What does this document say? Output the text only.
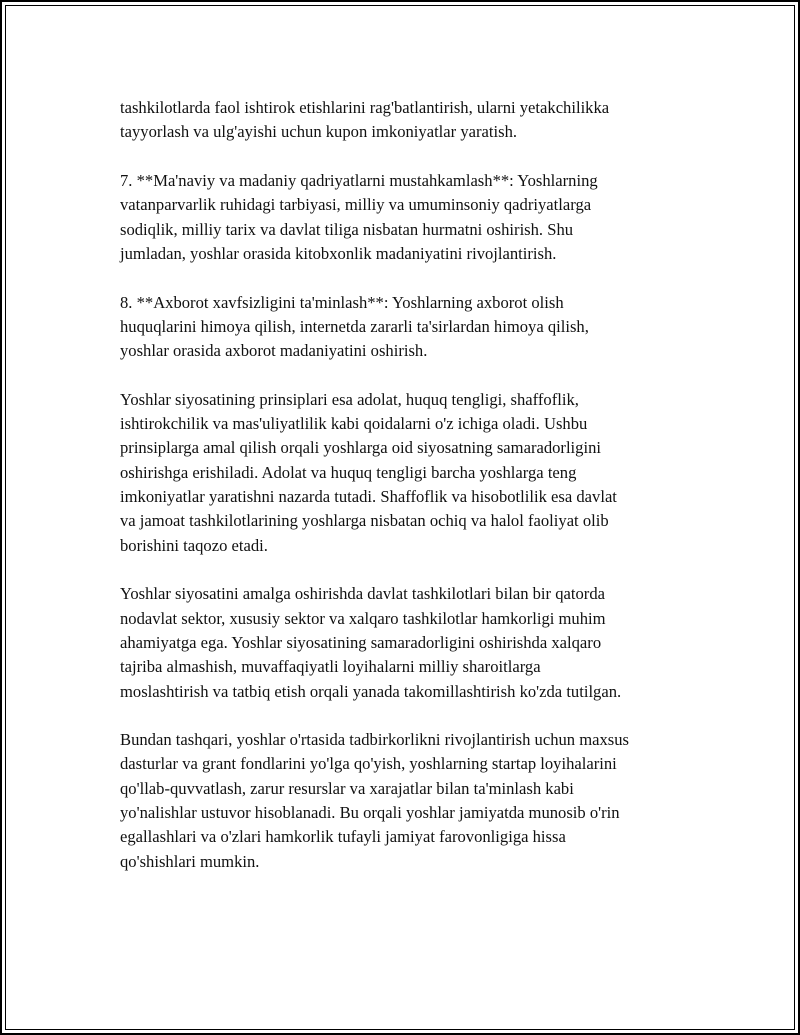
tashkilotlarda faol ishtirok etishlarini rag'batlantirish, ularni yetakchilikka
tayyorlash va ulg'ayishi uchun kupon imkoniyatlar yaratish.

7. **Ma'naviy va madaniy qadriyatlarni mustahkamlash**: Yoshlarning
vatanparvarlik ruhidagi tarbiyasi, milliy va umuminsoniy qadriyatlarga
sodiqlik, milliy tarix va davlat tiliga nisbatan hurmatni oshirish. Shu
jumladan, yoshlar orasida kitobxonlik madaniyatini rivojlantirish.

8. **Axborot xavfsizligini ta'minlash**: Yoshlarning axborot olish
huquqlarini himoya qilish, internetda zararli ta'sirlardan himoya qilish,
yoshlar orasida axborot madaniyatini oshirish.

Yoshlar siyosatining prinsiplari esa adolat, huquq tengligi, shaffoflik,
ishtirokchilik va mas'uliyatlilik kabi qoidalarni o'z ichiga oladi. Ushbu
prinsiplarga amal qilish orqali yoshlarga oid siyosatning samaradorligini
oshirishga erishiladi. Adolat va huquq tengligi barcha yoshlarga teng
imkoniyatlar yaratishni nazarda tutadi. Shaffoflik va hisobotlilik esa davlat
va jamoat tashkilotlarining yoshlarga nisbatan ochiq va halol faoliyat olib
borishini taqozo etadi.

Yoshlar siyosatini amalga oshirishda davlat tashkilotlari bilan bir qatorda
nodavlat sektor, xususiy sektor va xalqaro tashkilotlar hamkorligi muhim
ahamiyatga ega. Yoshlar siyosatining samaradorligini oshirishda xalqaro
tajriba almashish, muvaffaqiyatli loyihalarni milliy sharoitlarga
moslashtirish va tatbiq etish orqali yanada takomillashtirish ko'zda tutilgan.

Bundan tashqari, yoshlar o'rtasida tadbirkorlikni rivojlantirish uchun maxsus
dasturlar va grant fondlarini yo'lga qo'yish, yoshlarning startap loyihalarini
qo'llab-quvvatlash, zarur resurslar va xarajatlar bilan ta'minlash kabi
yo'nalishlar ustuvor hisoblanadi. Bu orqali yoshlar jamiyatda munosib o'rin
egallashlari va o'zlari hamkorlik tufayli jamiyat farovonligiga hissa
qo'shishlari mumkin.
